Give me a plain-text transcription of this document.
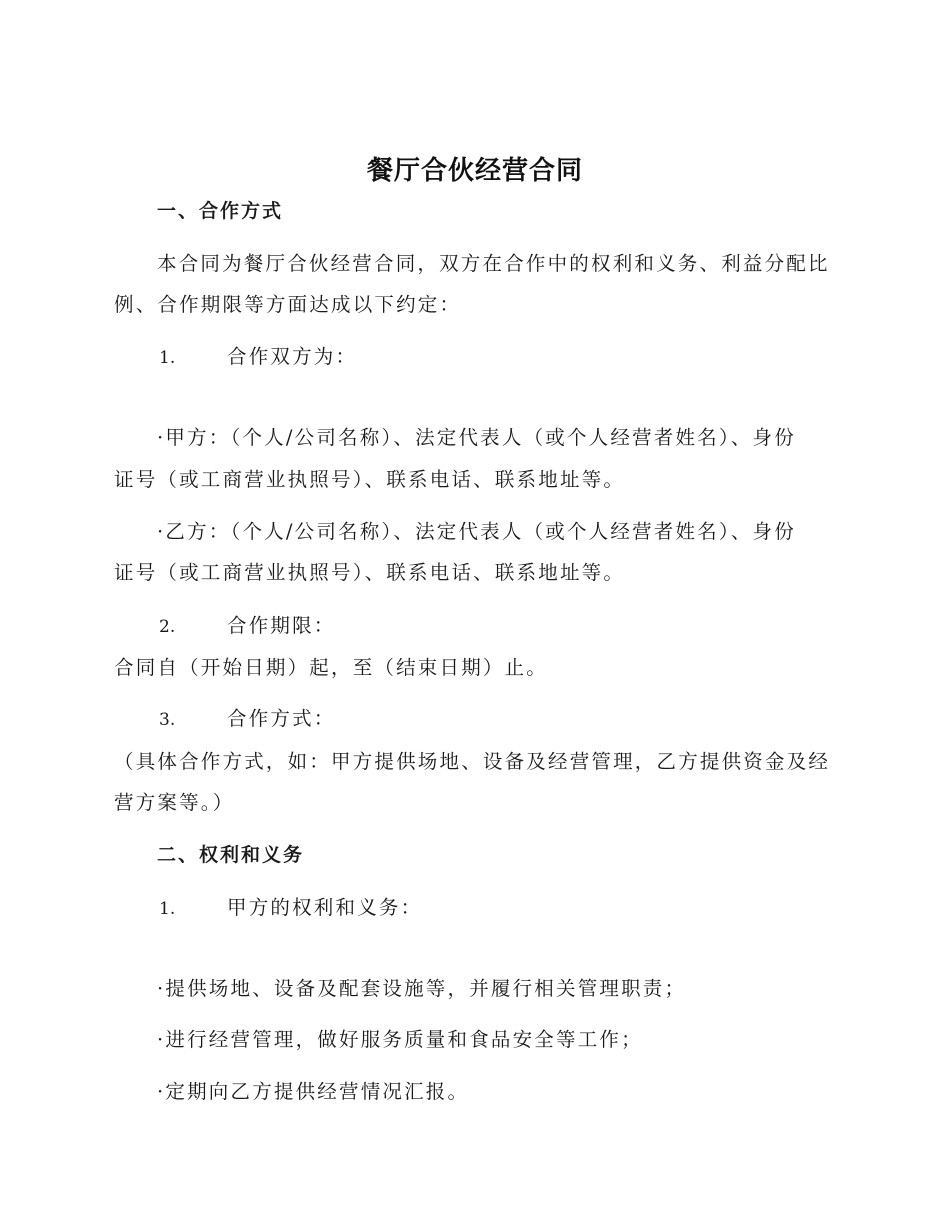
餐厅合伙经营合同
一、合作方式
本合同为餐厅合伙经营合同，双方在合作中的权利和义务、利益分配比
例、合作期限等方面达成以下约定：
1.	合作双方为：
·甲方：（个人/公司名称）、法定代表人（或个人经营者姓名）、身份
证号（或工商营业执照号）、联系电话、联系地址等。
·乙方：（个人/公司名称）、法定代表人（或个人经营者姓名）、身份
证号（或工商营业执照号）、联系电话、联系地址等。
2.	合作期限：
合同自（开始日期）起，至（结束日期）止。
3.	合作方式：
（具体合作方式，如：甲方提供场地、设备及经营管理，乙方提供资金及经
营方案等。）
二、权利和义务
1.	甲方的权利和义务：
·提供场地、设备及配套设施等，并履行相关管理职责；
·进行经营管理，做好服务质量和食品安全等工作；
·定期向乙方提供经营情况汇报。
